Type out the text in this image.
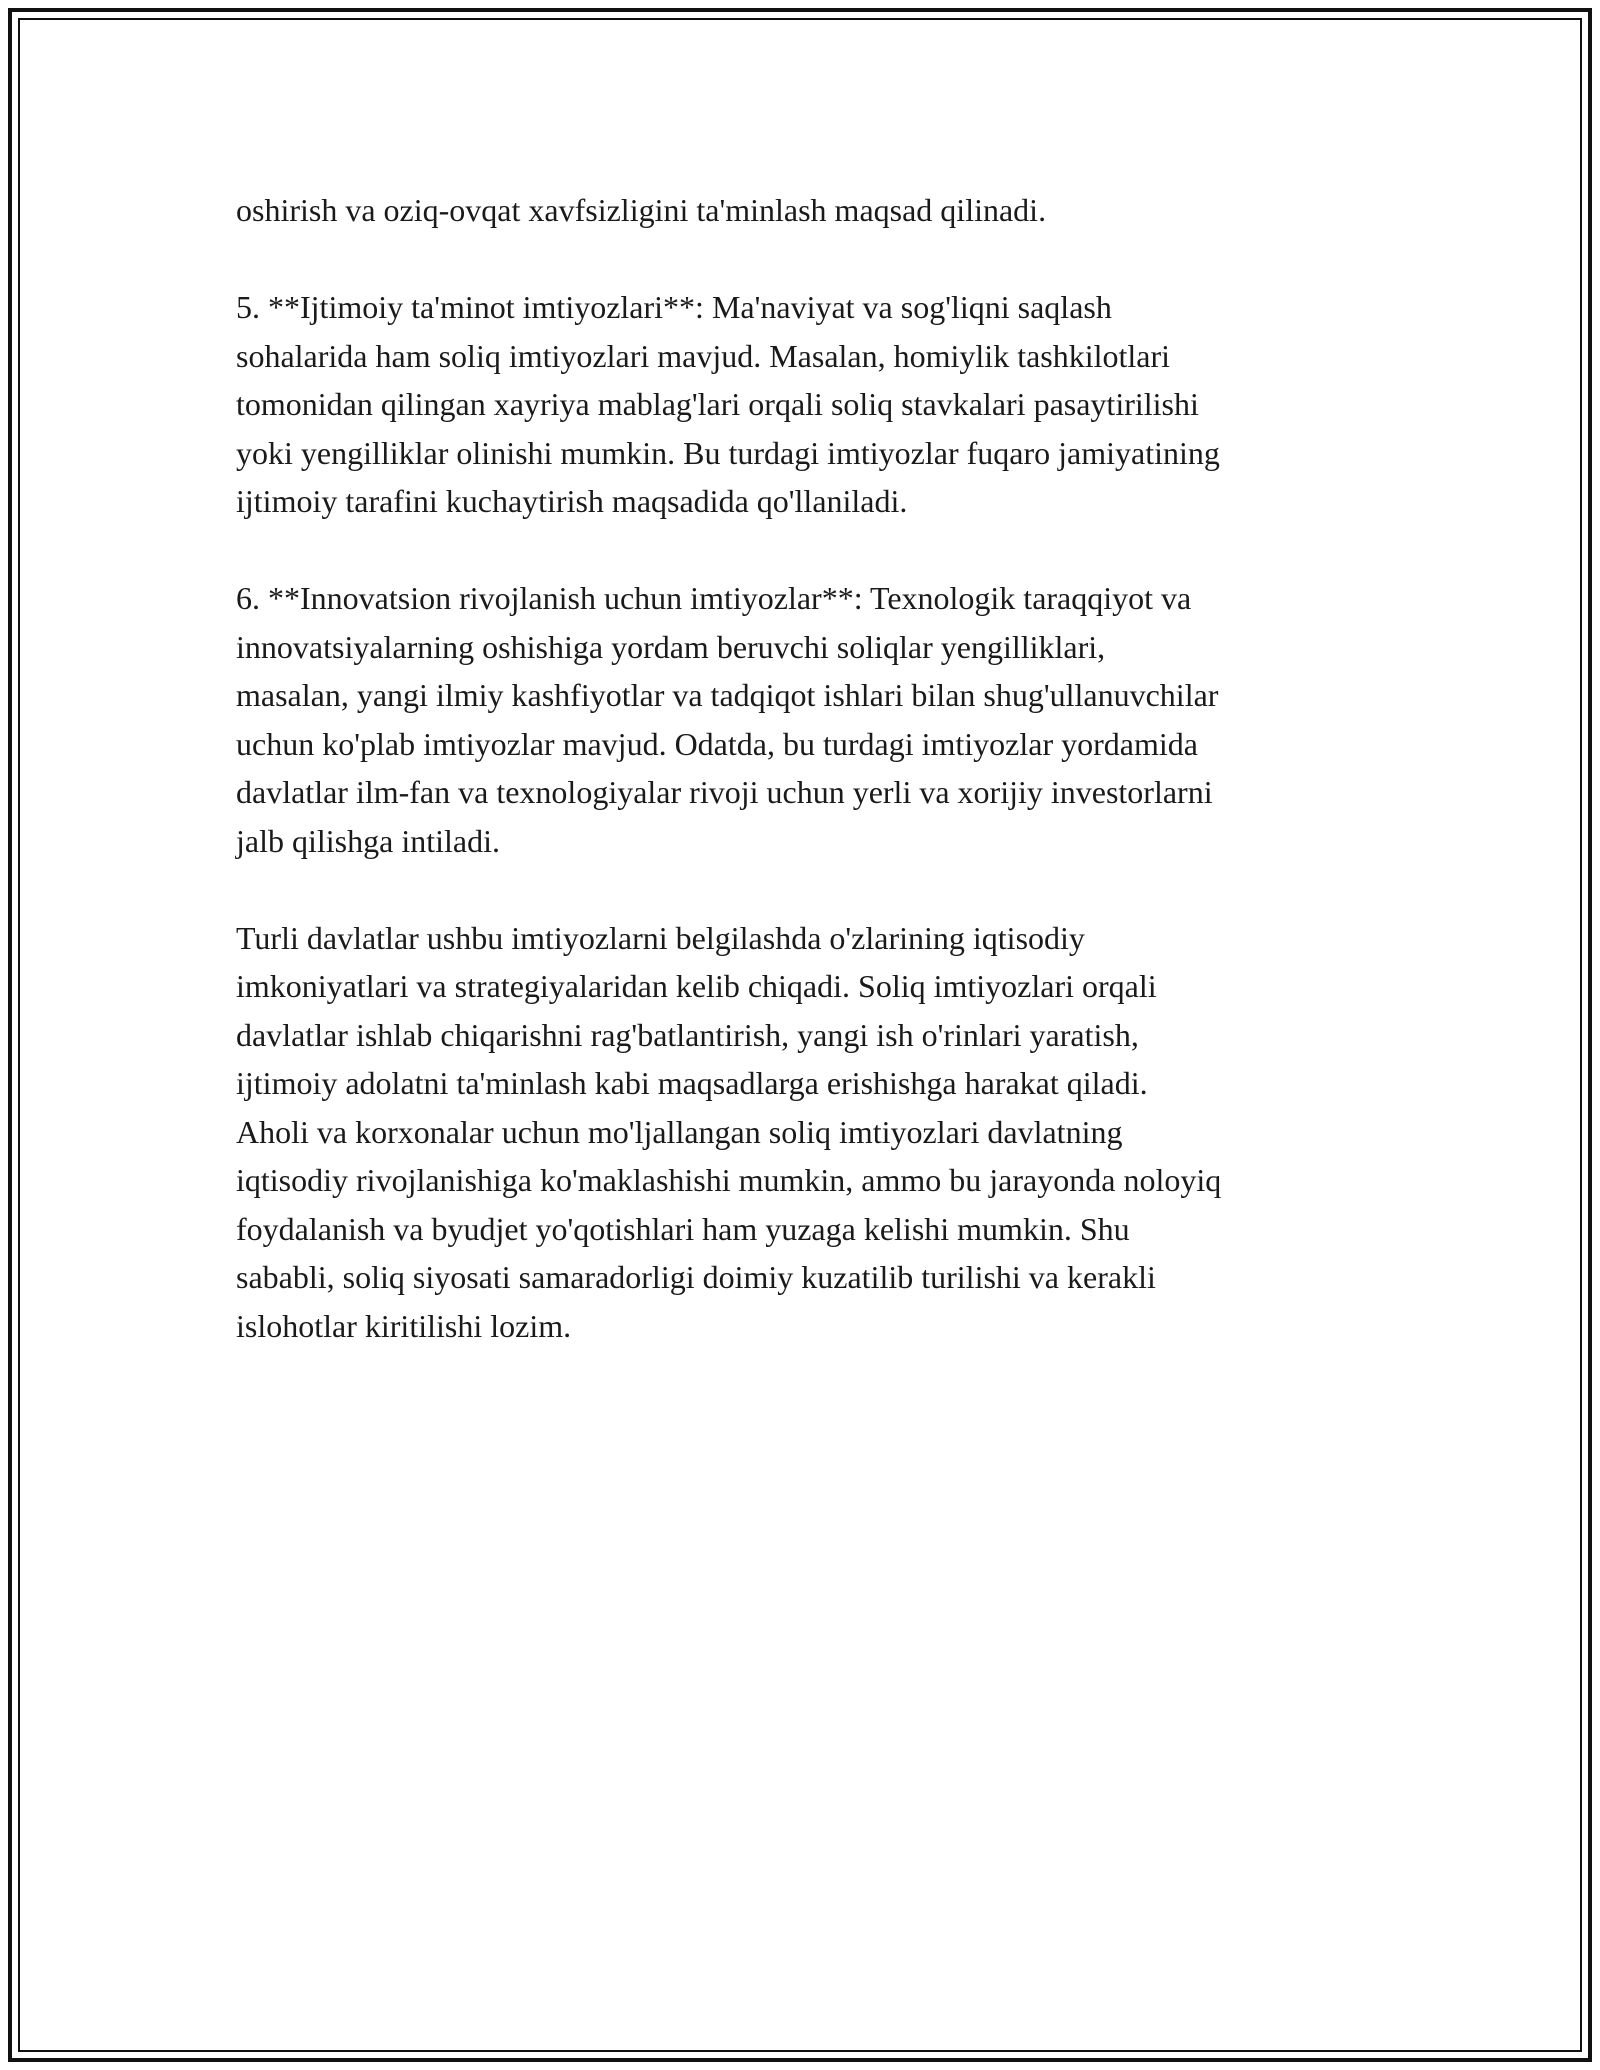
oshirish va oziq-ovqat xavfsizligini ta'minlash maqsad qilinadi.

5. **Ijtimoiy ta'minot imtiyozlari**: Ma'naviyat va sog'liqni saqlash
sohalarida ham soliq imtiyozlari mavjud. Masalan, homiylik tashkilotlari
tomonidan qilingan xayriya mablag'lari orqali soliq stavkalari pasaytirilishi
yoki yengilliklar olinishi mumkin. Bu turdagi imtiyozlar fuqaro jamiyatining
ijtimoiy tarafini kuchaytirish maqsadida qo'llaniladi.

6. **Innovatsion rivojlanish uchun imtiyozlar**: Texnologik taraqqiyot va
innovatsiyalarning oshishiga yordam beruvchi soliqlar yengilliklari,
masalan, yangi ilmiy kashfiyotlar va tadqiqot ishlari bilan shug'ullanuvchilar
uchun ko'plab imtiyozlar mavjud. Odatda, bu turdagi imtiyozlar yordamida
davlatlar ilm-fan va texnologiyalar rivoji uchun yerli va xorijiy investorlarni
jalb qilishga intiladi.

Turli davlatlar ushbu imtiyozlarni belgilashda o'zlarining iqtisodiy
imkoniyatlari va strategiyalaridan kelib chiqadi. Soliq imtiyozlari orqali
davlatlar ishlab chiqarishni rag'batlantirish, yangi ish o'rinlari yaratish,
ijtimoiy adolatni ta'minlash kabi maqsadlarga erishishga harakat qiladi.
Aholi va korxonalar uchun mo'ljallangan soliq imtiyozlari davlatning
iqtisodiy rivojlanishiga ko'maklashishi mumkin, ammo bu jarayonda noloyiq
foydalanish va byudjet yo'qotishlari ham yuzaga kelishi mumkin. Shu
sababli, soliq siyosati samaradorligi doimiy kuzatilib turilishi va kerakli
islohotlar kiritilishi lozim.
